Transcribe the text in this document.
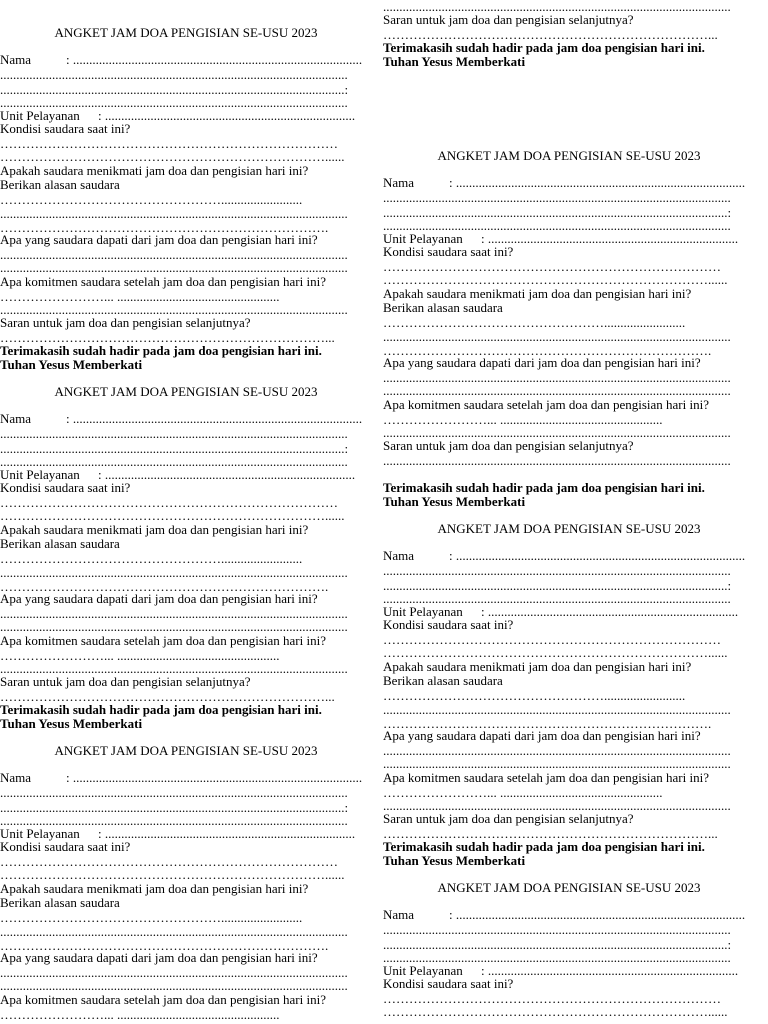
ANGKET JAM DOA PENGISIAN SE-USU 2023
Nama	: .........................................................................................
...........................................................................................................
..........................................................................................................:
...........................................................................................................
Unit Pelayanan : .............................................................................
Kondisi saudara saat ini?
……………………………………………………………………
…………………………………………………………………......
Apakah saudara menikmati jam doa dan pengisian hari ini?
Berikan alasan saudara
…………………………………………….........................
...........................................................................................................
………………………………………………………………….
Apa yang saudara dapati dari jam doa dan pengisian hari ini?
...........................................................................................................
...........................................................................................................
Apa komitmen saudara setelah jam doa dan pengisian hari ini?
……………………... ..................................................
...........................................................................................................
Saran untuk jam doa dan pengisian selanjutnya?
…………………………………………………………………...
Terimakasih sudah hadir pada jam doa pengisian hari ini.
Tuhan Yesus Memberkati
ANGKET JAM DOA PENGISIAN SE-USU 2023
Nama	: .........................................................................................
...........................................................................................................
..........................................................................................................:
...........................................................................................................
Unit Pelayanan : .............................................................................
Kondisi saudara saat ini?
……………………………………………………………………
…………………………………………………………………......
Apakah saudara menikmati jam doa dan pengisian hari ini?
Berikan alasan saudara
…………………………………………….........................
...........................................................................................................
………………………………………………………………….
Apa yang saudara dapati dari jam doa dan pengisian hari ini?
...........................................................................................................
...........................................................................................................
Apa komitmen saudara setelah jam doa dan pengisian hari ini?
……………………... ..................................................
...........................................................................................................
Saran untuk jam doa dan pengisian selanjutnya?
…………………………………………………………………...
Terimakasih sudah hadir pada jam doa pengisian hari ini.
Tuhan Yesus Memberkati
ANGKET JAM DOA PENGISIAN SE-USU 2023
Nama	: .........................................................................................
...........................................................................................................
..........................................................................................................:
...........................................................................................................
Unit Pelayanan : .............................................................................
Kondisi saudara saat ini?
……………………………………………………………………
…………………………………………………………………......
Apakah saudara menikmati jam doa dan pengisian hari ini?
Berikan alasan saudara
…………………………………………….........................
...........................................................................................................
………………………………………………………………….
Apa yang saudara dapati dari jam doa dan pengisian hari ini?
...........................................................................................................
...........................................................................................................
Apa komitmen saudara setelah jam doa dan pengisian hari ini?
……………………... ..................................................
...........................................................................................................
Saran untuk jam doa dan pengisian selanjutnya?
…………………………………………………………………...
Terimakasih sudah hadir pada jam doa pengisian hari ini.
Tuhan Yesus Memberkati
ANGKET JAM DOA PENGISIAN SE-USU 2023
Nama	: .........................................................................................
...........................................................................................................
..........................................................................................................:
...........................................................................................................
Unit Pelayanan : .............................................................................
Kondisi saudara saat ini?
……………………………………………………………………
…………………………………………………………………......
Apakah saudara menikmati jam doa dan pengisian hari ini?
Berikan alasan saudara
…………………………………………….........................
...........................................................................................................
………………………………………………………………….
Apa yang saudara dapati dari jam doa dan pengisian hari ini?
...........................................................................................................
...........................................................................................................
Apa komitmen saudara setelah jam doa dan pengisian hari ini?
……………………... ..................................................
...........................................................................................................
Saran untuk jam doa dan pengisian selanjutnya?
...........................................................................................................
Terimakasih sudah hadir pada jam doa pengisian hari ini.
Tuhan Yesus Memberkati
ANGKET JAM DOA PENGISIAN SE-USU 2023
Nama	: .........................................................................................
...........................................................................................................
..........................................................................................................:
...........................................................................................................
Unit Pelayanan : .............................................................................
Kondisi saudara saat ini?
……………………………………………………………………
…………………………………………………………………......
Apakah saudara menikmati jam doa dan pengisian hari ini?
Berikan alasan saudara
…………………………………………….........................
...........................................................................................................
………………………………………………………………….
Apa yang saudara dapati dari jam doa dan pengisian hari ini?
...........................................................................................................
...........................................................................................................
Apa komitmen saudara setelah jam doa dan pengisian hari ini?
……………………... ..................................................
...........................................................................................................
Saran untuk jam doa dan pengisian selanjutnya?
…………………………………………………………………...
Terimakasih sudah hadir pada jam doa pengisian hari ini.
Tuhan Yesus Memberkati
ANGKET JAM DOA PENGISIAN SE-USU 2023
Nama	: .........................................................................................
...........................................................................................................
..........................................................................................................:
...........................................................................................................
Unit Pelayanan : .............................................................................
Kondisi saudara saat ini?
……………………………………………………………………
…………………………………………………………………......
